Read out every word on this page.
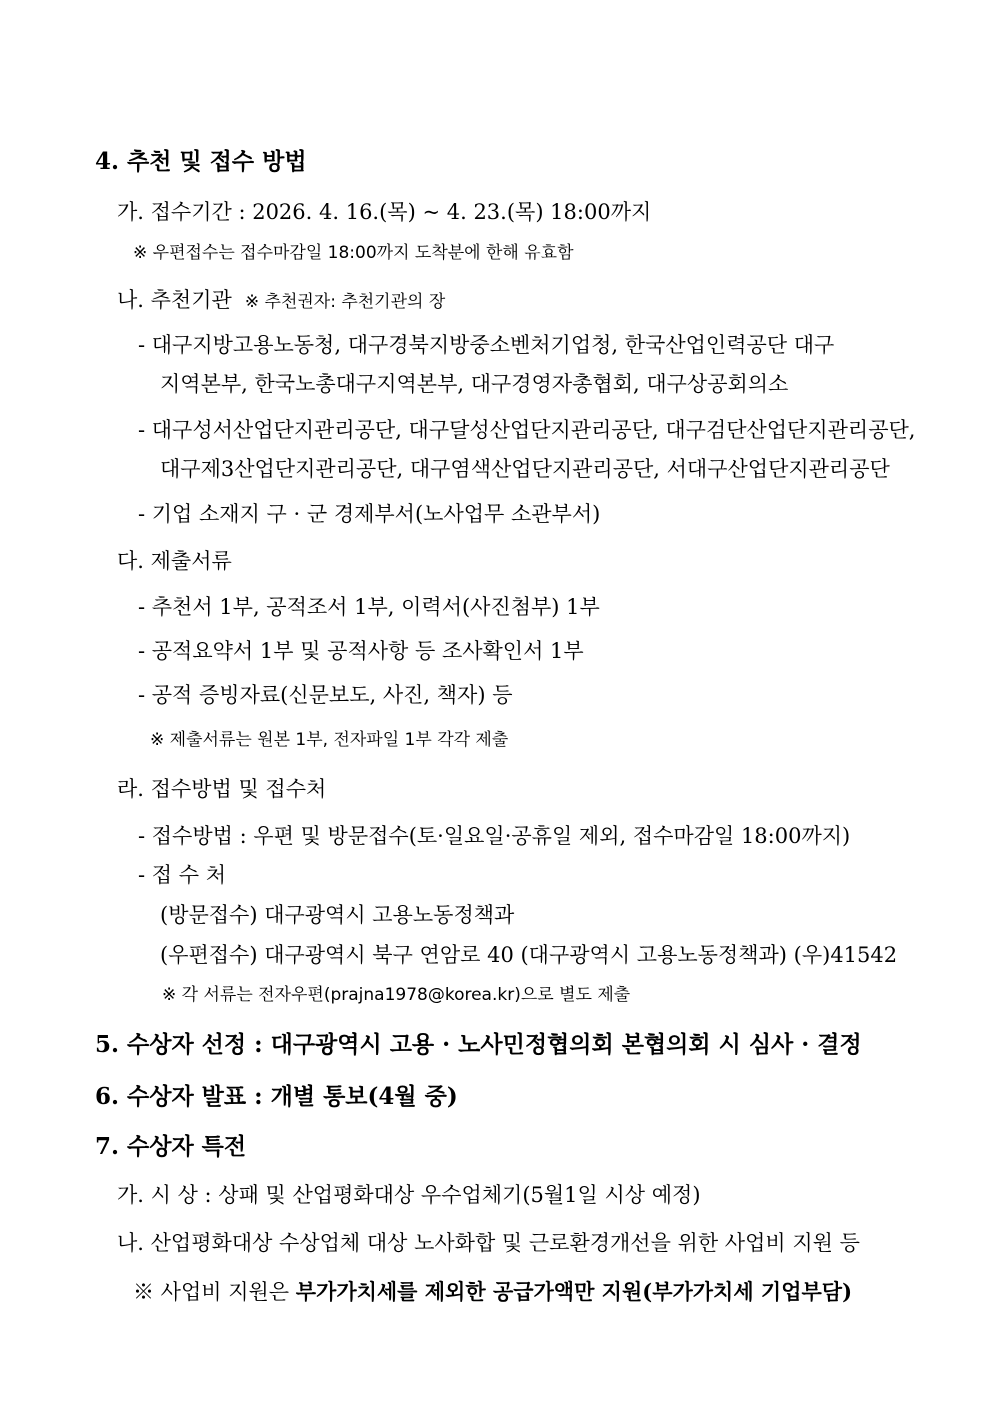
4. 추천 및 접수 방법
가. 접수기간 : 2026. 4. 16.(목) ~ 4. 23.(목) 18:00까지
※ 우편접수는 접수마감일 18:00까지 도착분에 한해 유효함
나. 추천기관 ※ 추천권자: 추천기관의 장
- 대구지방고용노동청, 대구경북지방중소벤처기업청, 한국산업인력공단 대구
지역본부, 한국노총대구지역본부, 대구경영자총협회, 대구상공회의소
- 대구성서산업단지관리공단, 대구달성산업단지관리공단, 대구검단산업단지관리공단,
대구제3산업단지관리공단, 대구염색산업단지관리공단, 서대구산업단지관리공단
- 기업 소재지 구 · 군 경제부서(노사업무 소관부서)
다. 제출서류
- 추천서 1부, 공적조서 1부, 이력서(사진첨부) 1부
- 공적요약서 1부 및 공적사항 등 조사확인서 1부
- 공적 증빙자료(신문보도, 사진, 책자) 등
※ 제출서류는 원본 1부, 전자파일 1부 각각 제출
라. 접수방법 및 접수처
- 접수방법 : 우편 및 방문접수(토·일요일·공휴일 제외, 접수마감일 18:00까지)
- 접 수 처
(방문접수) 대구광역시 고용노동정책과
(우편접수) 대구광역시 북구 연암로 40 (대구광역시 고용노동정책과) (우)41542
※ 각 서류는 전자우편(prajna1978@korea.kr)으로 별도 제출
5. 수상자 선정 : 대구광역시 고용 · 노사민정협의회 본협의회 시 심사 · 결정
6. 수상자 발표 : 개별 통보(4월 중)
7. 수상자 특전
가. 시 상 : 상패 및 산업평화대상 우수업체기(5월1일 시상 예정)
나. 산업평화대상 수상업체 대상 노사화합 및 근로환경개선을 위한 사업비 지원 등
※ 사업비 지원은 부가가치세를 제외한 공급가액만 지원(부가가치세 기업부담)
